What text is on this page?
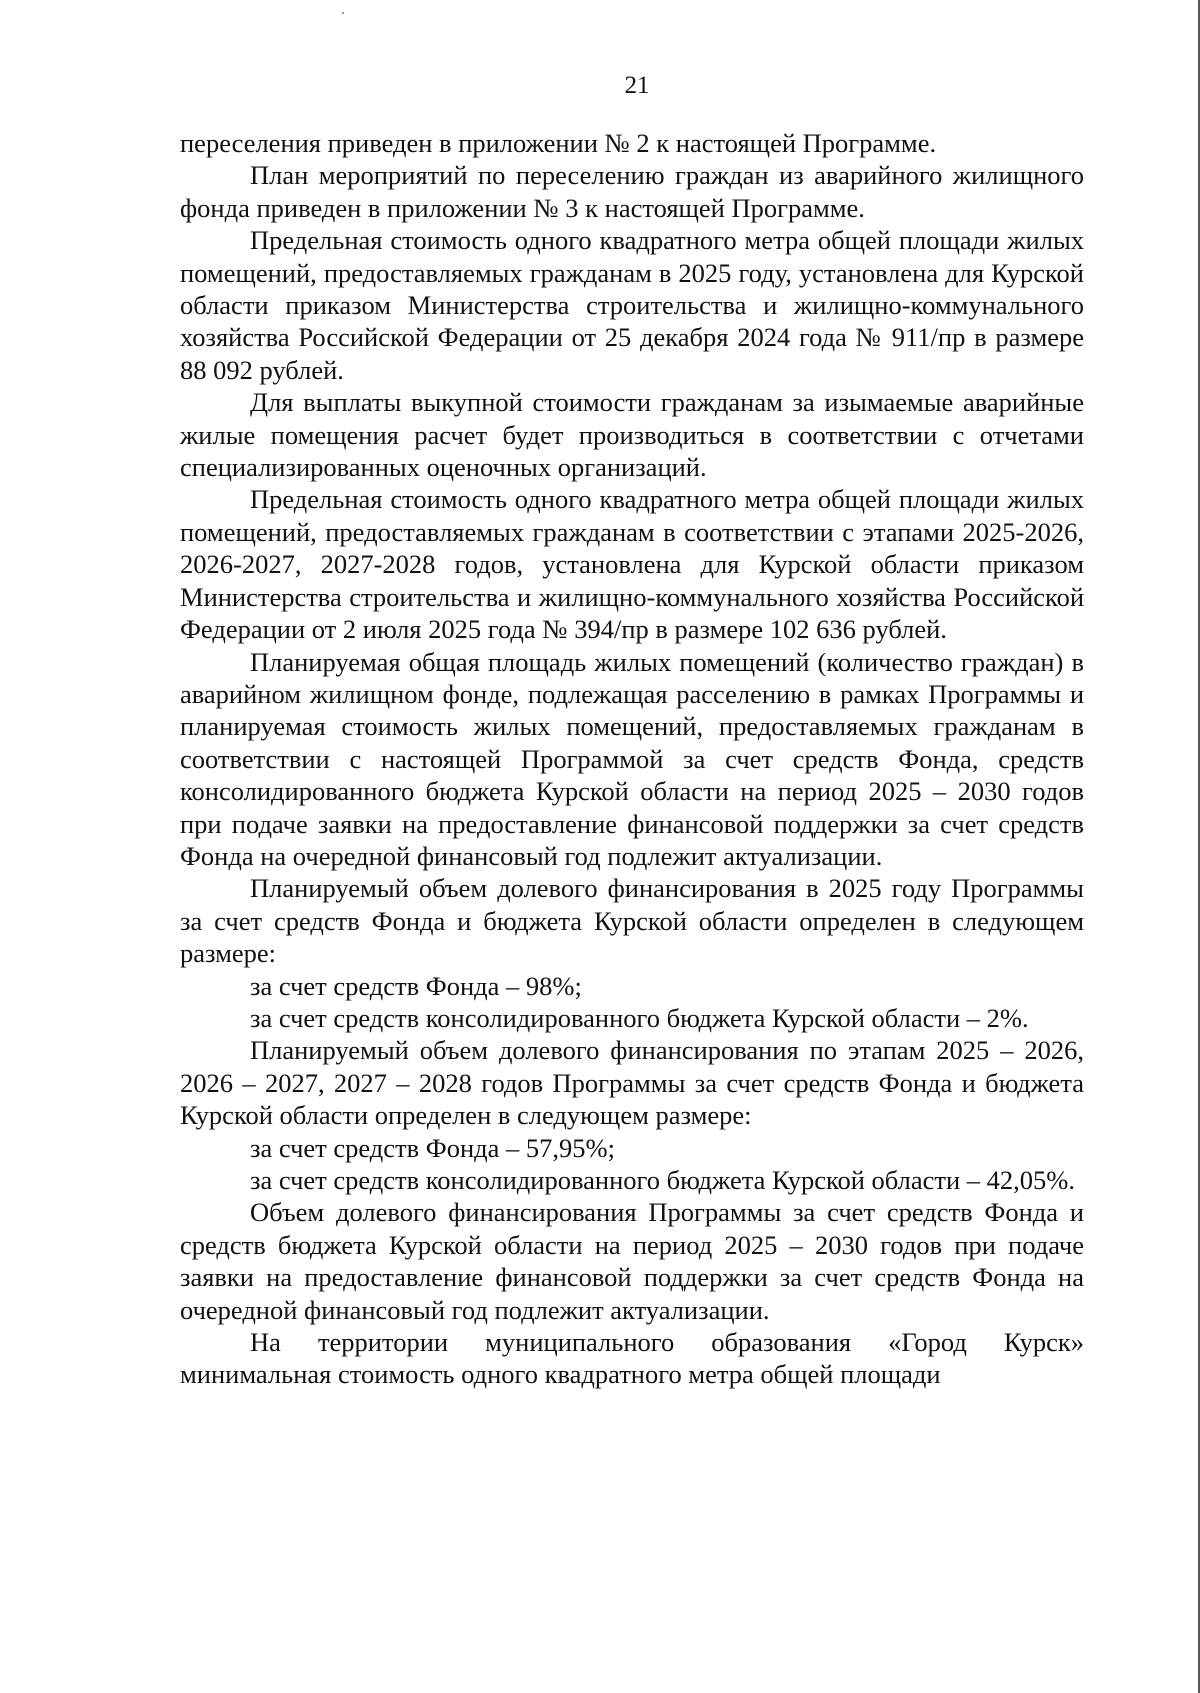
21

переселения приведен в приложении № 2 к настоящей Программе.

План мероприятий по переселению граждан из аварийного жилищного фонда приведен в приложении № 3 к настоящей Программе.

Предельная стоимость одного квадратного метра общей площади жилых помещений, предоставляемых гражданам в 2025 году, установлена для Курской области приказом Министерства строительства и жилищно-коммунального хозяйства Российской Федерации от 25 декабря 2024 года № 911/пр в размере 88 092 рублей.

Для выплаты выкупной стоимости гражданам за изымаемые аварийные жилые помещения расчет будет производиться в соответствии с отчетами специализированных оценочных организаций.

Предельная стоимость одного квадратного метра общей площади жилых помещений, предоставляемых гражданам в соответствии с этапами 2025-2026, 2026-2027, 2027-2028 годов, установлена для Курской области приказом Министерства строительства и жилищно-коммунального хозяйства Российской Федерации от 2 июля 2025 года № 394/пр в размере 102 636 рублей.

Планируемая общая площадь жилых помещений (количество граждан) в аварийном жилищном фонде, подлежащая расселению в рамках Программы и планируемая стоимость жилых помещений, предоставляемых гражданам в соответствии с настоящей Программой за счет средств Фонда, средств консолидированного бюджета Курской области на период 2025 – 2030 годов при подаче заявки на предоставление финансовой поддержки за счет средств Фонда на очередной финансовый год подлежит актуализации.

Планируемый объем долевого финансирования в 2025 году Программы за счет средств Фонда и бюджета Курской области определен в следующем размере:

за счет средств Фонда – 98%;

за счет средств консолидированного бюджета Курской области – 2%.

Планируемый объем долевого финансирования по этапам 2025 – 2026, 2026 – 2027, 2027 – 2028 годов Программы за счет средств Фонда и бюджета Курской области определен в следующем размере:

за счет средств Фонда – 57,95%;

за счет средств консолидированного бюджета Курской области – 42,05%.

Объем долевого финансирования Программы за счет средств Фонда и средств бюджета Курской области на период 2025 – 2030 годов при подаче заявки на предоставление финансовой поддержки за счет средств Фонда на очередной финансовый год подлежит актуализации.

На территории муниципального образования «Город Курск» минимальная стоимость одного квадратного метра общей площади
